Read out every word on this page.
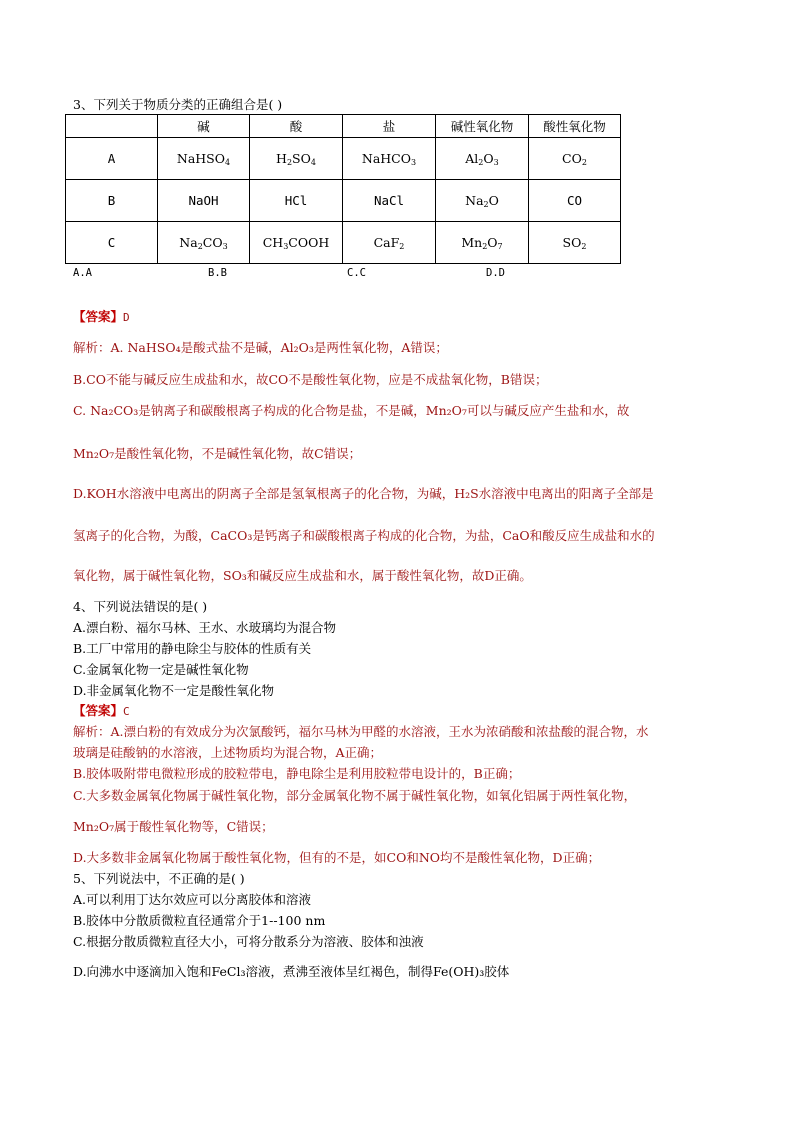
3、下列关于物质分类的正确组合是( )
	碱	酸	盐	碱性氧化物	酸性氧化物
A	NaHSO$_4$	$H_2SO_4$	NaHCO$_3$	$Al_2O_3$	$CO_2$
B	NaOH	HCl	NaCl	$Na_2O$	CO
C	$Na_2CO_3$	$CH_3COOH$	CaF$_2$	$Mn_2O_7$	$SO_2$
A.A	B.B	C.C	D.D
【答案】D
解析：A. NaHSO₄是酸式盐不是碱，Al₂O₃是两性氧化物，A错误；
B.CO不能与碱反应生成盐和水，故CO不是酸性氧化物，应是不成盐氧化物，B错误；
C. Na₂CO₃是钠离子和碳酸根离子构成的化合物是盐，不是碱，Mn₂O₇可以与碱反应产生盐和水，故
Mn₂O₇是酸性氧化物，不是碱性氧化物，故C错误；
D.KOH水溶液中电离出的阴离子全部是氢氧根离子的化合物，为碱，H₂S水溶液中电离出的阳离子全部是
氢离子的化合物，为酸，CaCO₃是钙离子和碳酸根离子构成的化合物，为盐，CaO和酸反应生成盐和水的
氧化物，属于碱性氧化物，SO₃和碱反应生成盐和水，属于酸性氧化物，故D正确。
4、下列说法错误的是( )
A.漂白粉、福尔马林、王水、水玻璃均为混合物
B.工厂中常用的静电除尘与胶体的性质有关
C.金属氧化物一定是碱性氧化物
D.非金属氧化物不一定是酸性氧化物
【答案】C
解析：A.漂白粉的有效成分为次氯酸钙，福尔马林为甲醛的水溶液，王水为浓硝酸和浓盐酸的混合物，水
玻璃是硅酸钠的水溶液，上述物质均为混合物，A正确；
B.胶体吸附带电微粒形成的胶粒带电，静电除尘是利用胶粒带电设计的，B正确；
C.大多数金属氧化物属于碱性氧化物，部分金属氧化物不属于碱性氧化物，如氧化铝属于两性氧化物，
Mn₂O₇属于酸性氧化物等，C错误；
D.大多数非金属氧化物属于酸性氧化物，但有的不是，如CO和NO均不是酸性氧化物，D正确；
5、下列说法中，不正确的是( )
A.可以利用丁达尔效应可以分离胶体和溶液
B.胶体中分散质微粒直径通常介于1--100 nm
C.根据分散质微粒直径大小，可将分散系分为溶液、胶体和浊液
D.向沸水中逐滴加入饱和FeCl₃溶液，煮沸至液体呈红褐色，制得Fe(OH)₃胶体
